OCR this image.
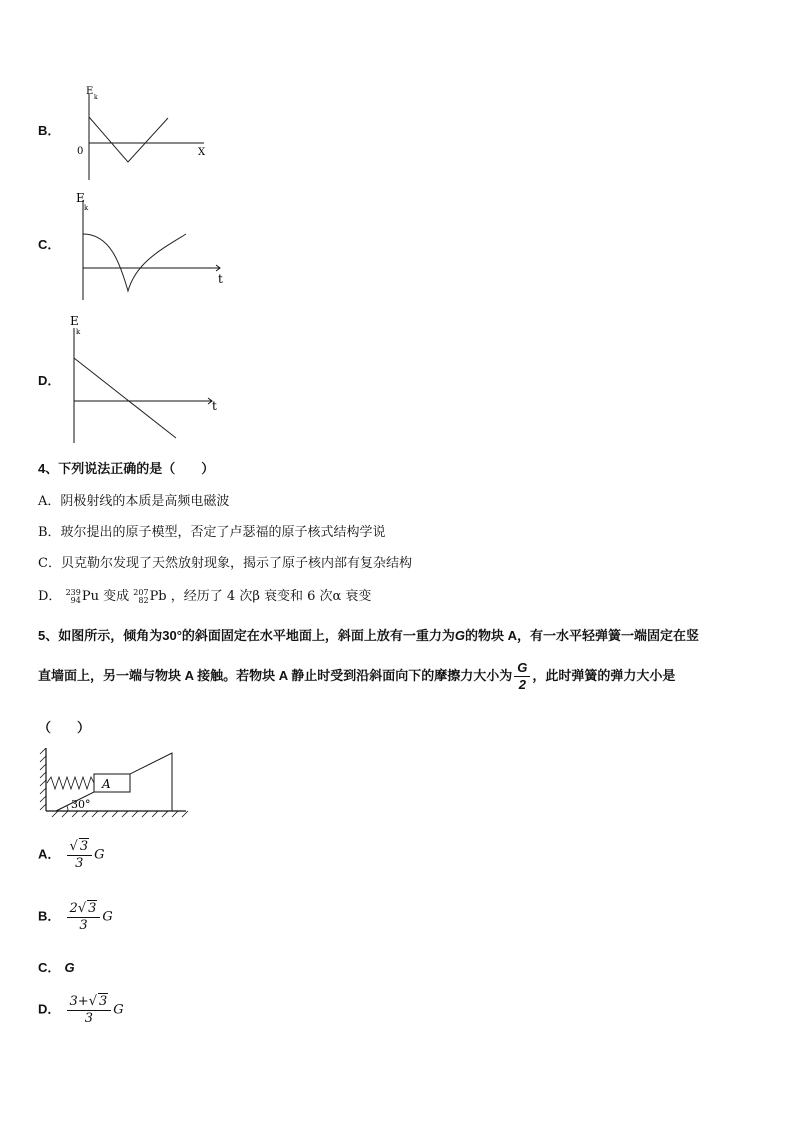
B．
E
k
0	X
C．
E
k
t
D．
E
k
t
4、下列说法正确的是（　　）
A．阴极射线的本质是高频电磁波
B．玻尔提出的原子模型，否定了卢瑟福的原子核式结构学说
C．贝克勒尔发现了天然放射现象，揭示了原子核内部有复杂结构
D． 239
94 Pu 变成 207
82 Pb ，经历了 4 次β 衰变和 6 次α 衰变
5、如图所示，倾角为30°的斜面固定在水平地面上，斜面上放有一重力为G的物块 A，有一水平轻弹簧一端固定在竖
直墙面上，另一端与物块 A 接触。若物块 A 静止时受到沿斜面向下的摩擦力大小为 $\frac{G}{2}$ ，此时弹簧的弹力大小是
（　　）
A
30°
A． $\frac{√ 3}{3}$ G
B． $\frac{2√ 3}{3}$ G
C． G
D． $\frac{3+√ 3}{3}$ G
